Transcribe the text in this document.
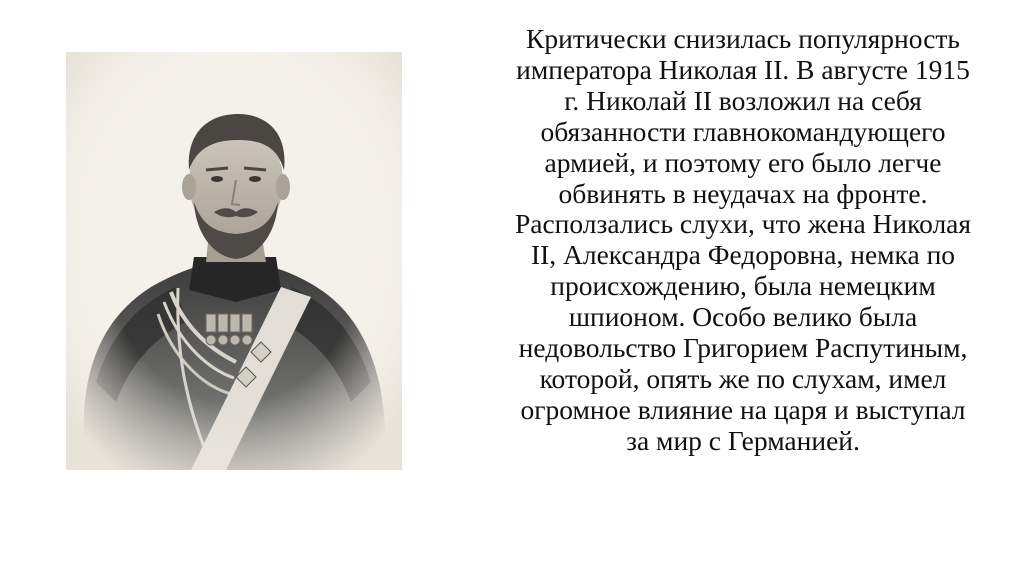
Критически снизилась популярность императора Николая II. В августе 1915 г. Николай II возложил на себя обязанности главнокомандующего армией, и поэтому его было легче обвинять в неудачах на фронте. Расползались слухи, что жена Николая II, Александра Федоровна, немка по происхождению, была немецким шпионом. Особо велико была недовольство Григорием Распутиным, которой, опять же по слухам, имел огромное влияние на царя и выступал за мир с Германией.
